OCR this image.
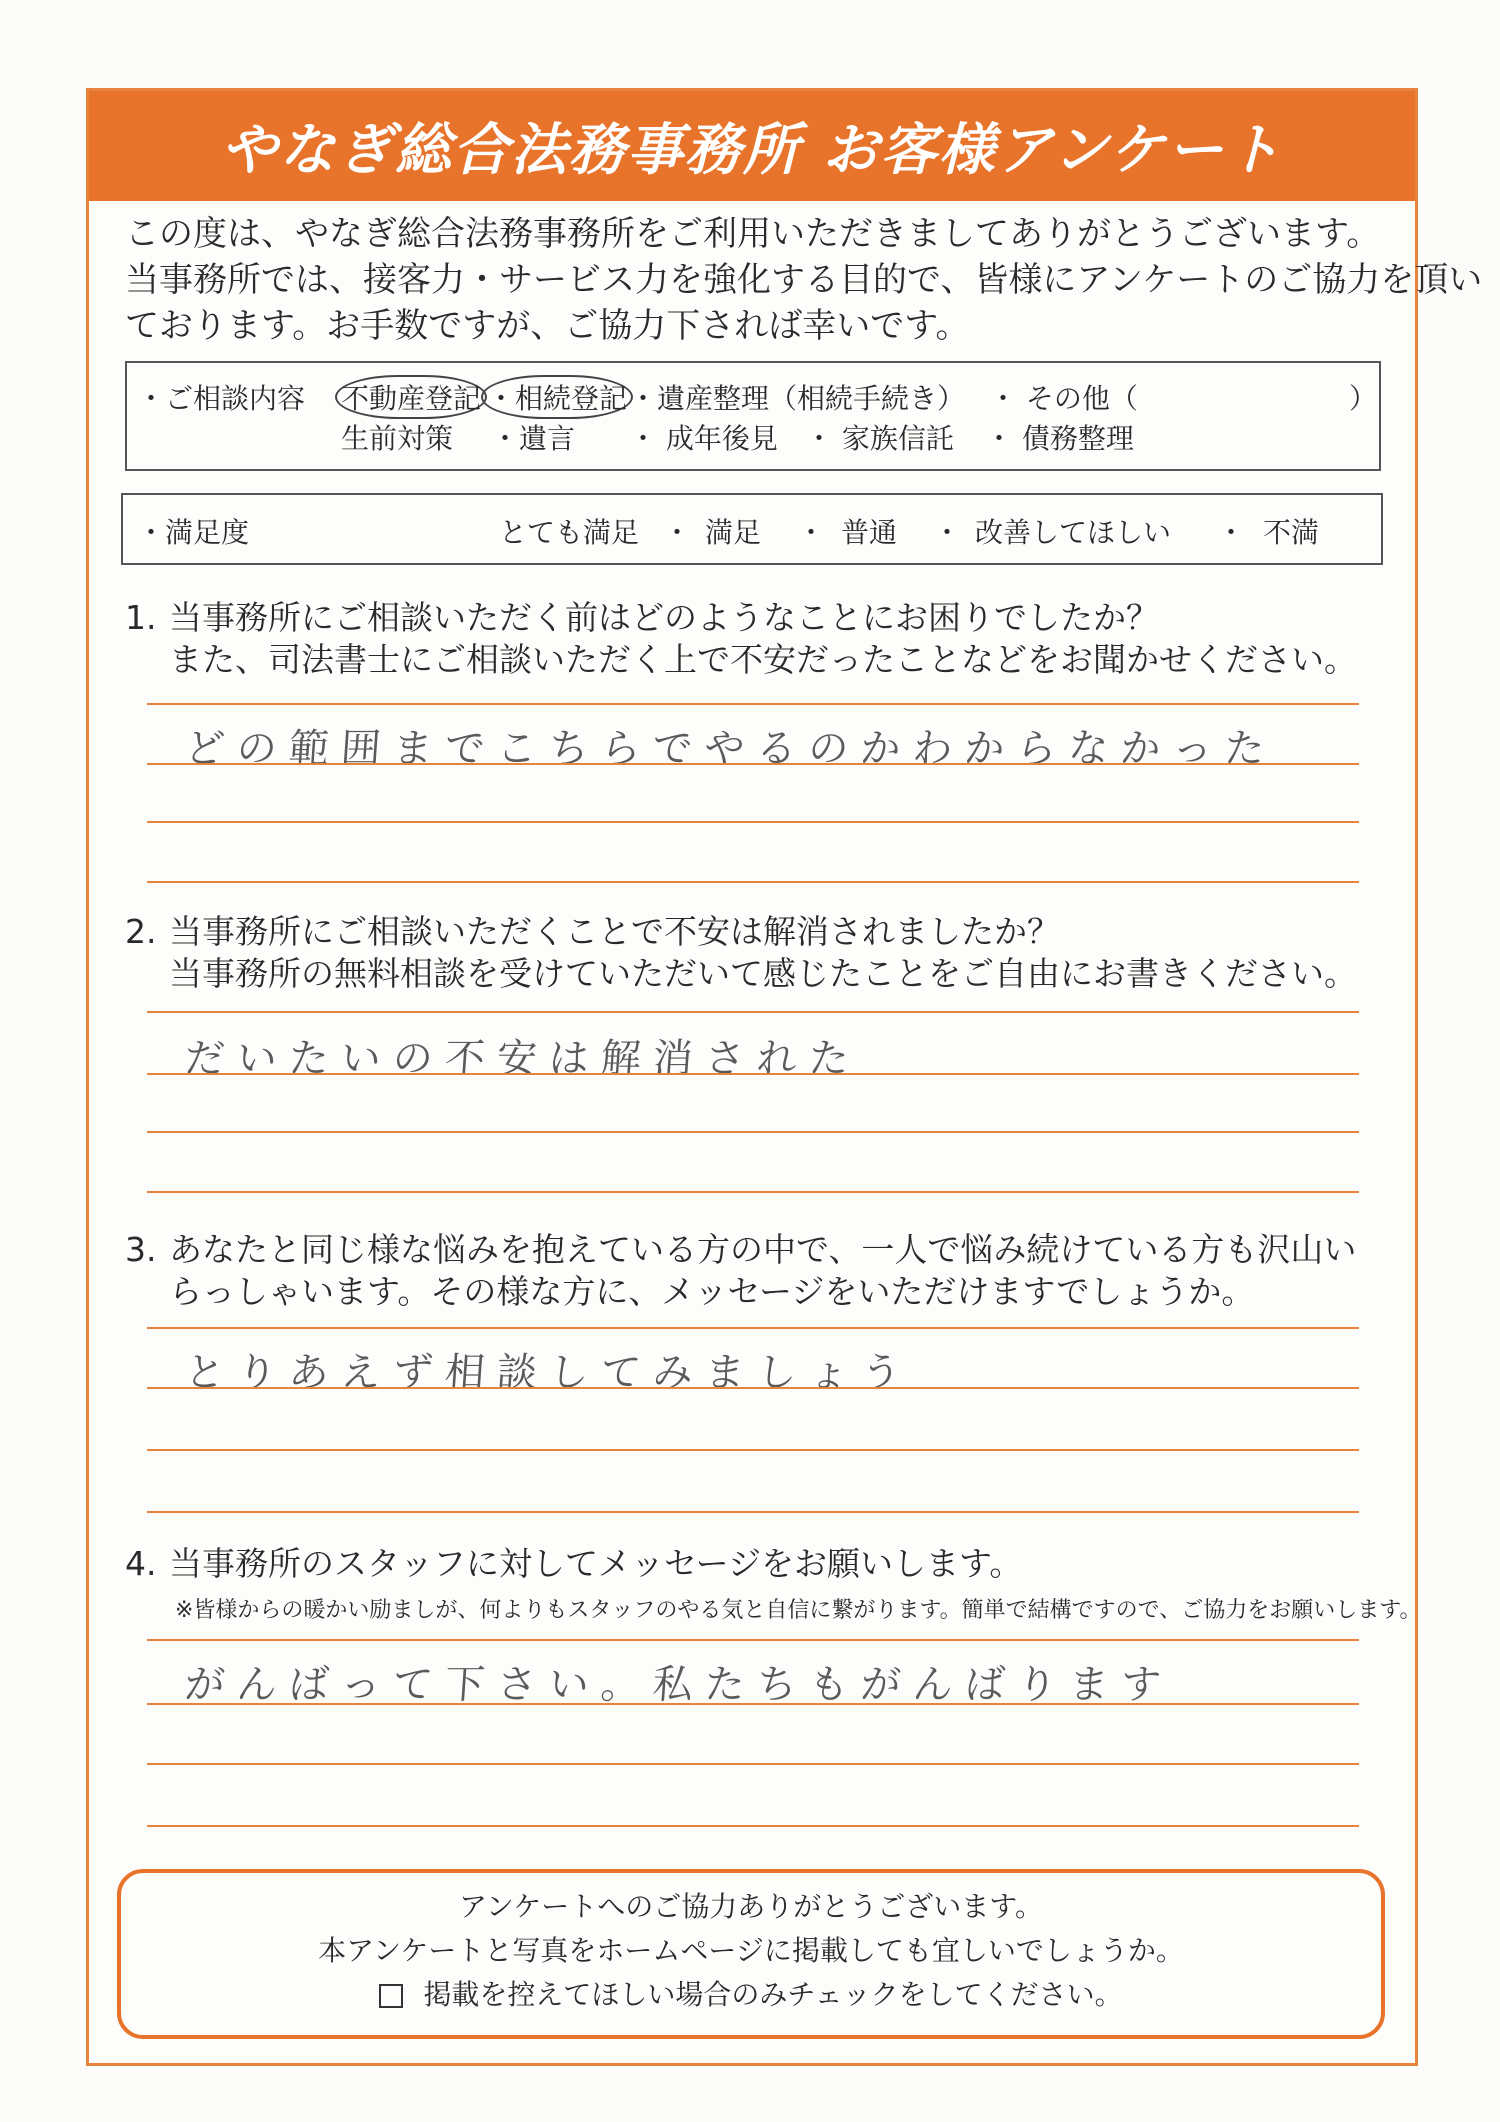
やなぎ総合法務事務所 お客様アンケート
この度は、やなぎ総合法務事務所をご利用いただきましてありがとうございます。
当事務所では、接客力・サービス力を強化する目的で、皆様にアンケートのご協力を頂い
ております。お手数ですが、ご協力下されば幸いです。
・ご相談内容 不動産登記 ・相続登記 ・遺産整理（相続手続き） ・ その他（	）
生前対策 ・遺言 ・ 成年後見 ・ 家族信託 ・ 債務整理
・満足度	とても満足 ・ 満足 ・ 普通 ・ 改善してほしい ・ 不満
1. 当事務所にご相談いただく前はどのようなことにお困りでしたか？
また、司法書士にご相談いただく上で不安だったことなどをお聞かせください。
どの範囲までこちらでやるのかわからなかった
2. 当事務所にご相談いただくことで不安は解消されましたか？
当事務所の無料相談を受けていただいて感じたことをご自由にお書きください。
だいたいの不安は解消された
3. あなたと同じ様な悩みを抱えている方の中で、一人で悩み続けている方も沢山い
らっしゃいます。その様な方に、メッセージをいただけますでしょうか。
とりあえず相談してみましょう
4. 当事務所のスタッフに対してメッセージをお願いします。
※皆様からの暖かい励ましが、何よりもスタッフのやる気と自信に繋がります。簡単で結構ですので、ご協力をお願いします。
がんばって下さい。私たちもがんばります
アンケートへのご協力ありがとうございます。
本アンケートと写真をホームページに掲載しても宜しいでしょうか。
掲載を控えてほしい場合のみチェックをしてください。
